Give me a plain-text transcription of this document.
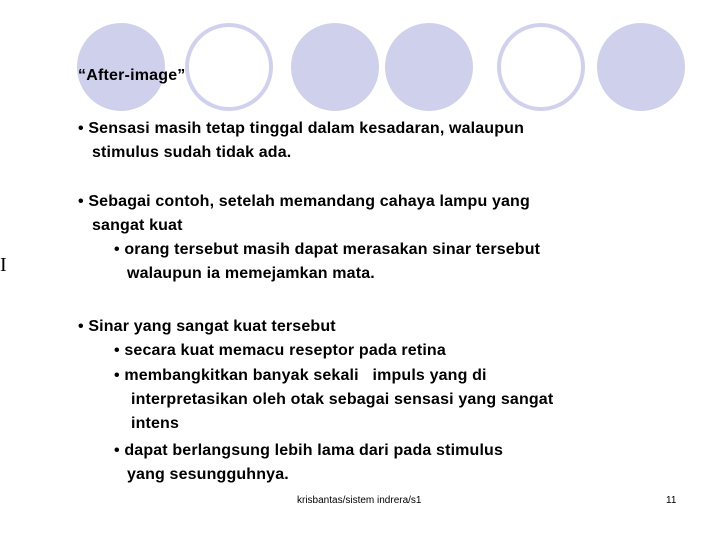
“After-image”
I
• Sensasi masih tetap tinggal dalam kesadaran, walaupun
stimulus sudah tidak ada.
• Sebagai contoh, setelah memandang cahaya lampu yang
sangat kuat
• orang tersebut masih dapat merasakan sinar tersebut
walaupun ia memejamkan mata.
• Sinar yang sangat kuat tersebut
• secara kuat memacu reseptor pada retina
• membangkitkan banyak sekali   impuls yang di
interpretasikan oleh otak sebagai sensasi yang sangat
intens
• dapat berlangsung lebih lama dari pada stimulus
yang sesungguhnya.
krisbantas/sistem indrera/s1	11
